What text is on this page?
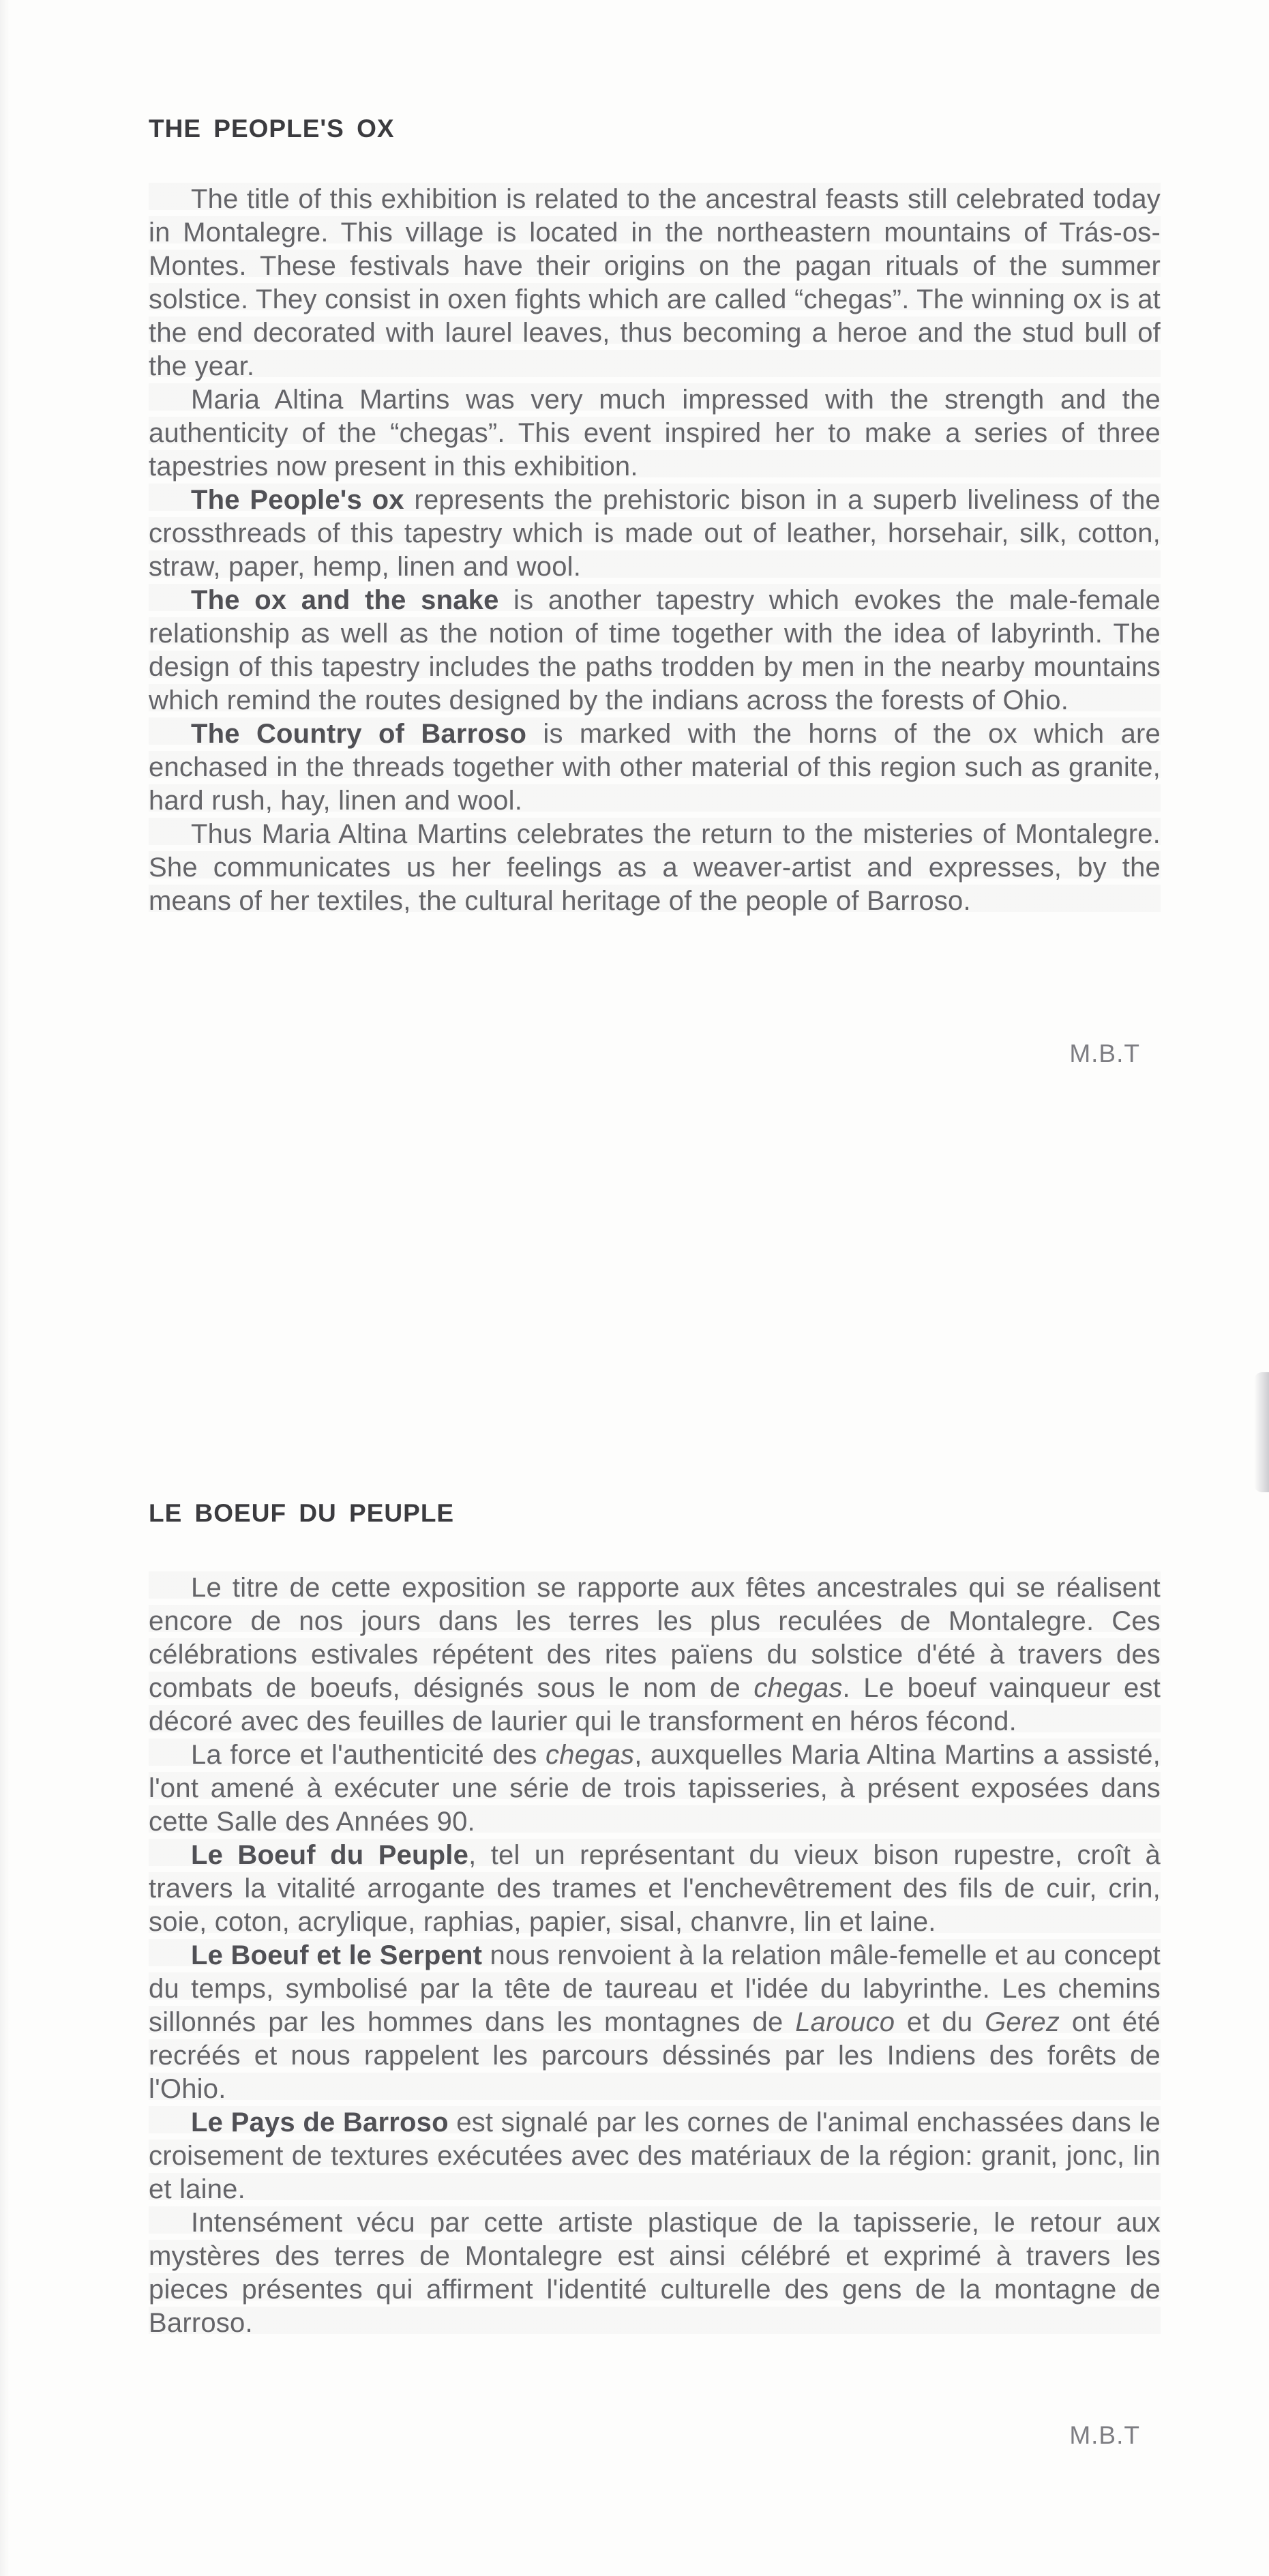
THE PEOPLE'S OX

The title of this exhibition is related to the ancestral feasts still celebrated today in Montalegre. This village is located in the northeastern mountains of Trás-os-Montes. These festivals have their origins on the pagan rituals of the summer solstice. They consist in oxen fights which are called “chegas”. The winning ox is at the end decorated with laurel leaves, thus becoming a heroe and the stud bull of the year.

Maria Altina Martins was very much impressed with the strength and the authenticity of the “chegas”. This event inspired her to make a series of three tapestries now present in this exhibition.

The People's ox represents the prehistoric bison in a superb liveliness of the crossthreads of this tapestry which is made out of leather, horsehair, silk, cotton, straw, paper, hemp, linen and wool.

The ox and the snake is another tapestry which evokes the male-female relationship as well as the notion of time together with the idea of labyrinth. The design of this tapestry includes the paths trodden by men in the nearby mountains which remind the routes designed by the indians across the forests of Ohio.

The Country of Barroso is marked with the horns of the ox which are enchased in the threads together with other material of this region such as granite, hard rush, hay, linen and wool.

Thus Maria Altina Martins celebrates the return to the misteries of Montalegre. She communicates us her feelings as a weaver-artist and expresses, by the means of her textiles, the cultural heritage of the people of Barroso.

M.B.T
LE BOEUF DU PEUPLE

Le titre de cette exposition se rapporte aux fêtes ancestrales qui se réalisent encore de nos jours dans les terres les plus reculées de Montalegre. Ces célébrations estivales répétent des rites païens du solstice d'été à travers des combats de boeufs, désignés sous le nom de chegas. Le boeuf vainqueur est décoré avec des feuilles de laurier qui le transforment en héros fécond.

La force et l'authenticité des chegas, auxquelles Maria Altina Martins a assisté, l'ont amené à exécuter une série de trois tapisseries, à présent exposées dans cette Salle des Années 90.

Le Boeuf du Peuple, tel un représentant du vieux bison rupestre, croît à travers la vitalité arrogante des trames et l'enchevêtrement des fils de cuir, crin, soie, coton, acrylique, raphias, papier, sisal, chanvre, lin et laine.

Le Boeuf et le Serpent nous renvoient à la relation mâle-femelle et au concept du temps, symbolisé par la tête de taureau et l'idée du labyrinthe. Les chemins sillonnés par les hommes dans les montagnes de Larouco et du Gerez ont été recréés et nous rappelent les parcours déssinés par les Indiens des forêts de l'Ohio.

Le Pays de Barroso est signalé par les cornes de l'animal enchassées dans le croisement de textures exécutées avec des matériaux de la région: granit, jonc, lin et laine.

Intensément vécu par cette artiste plastique de la tapisserie, le retour aux mystères des terres de Montalegre est ainsi célébré et exprimé à travers les pieces présentes qui affirment l'identité culturelle des gens de la montagne de Barroso.

M.B.T
